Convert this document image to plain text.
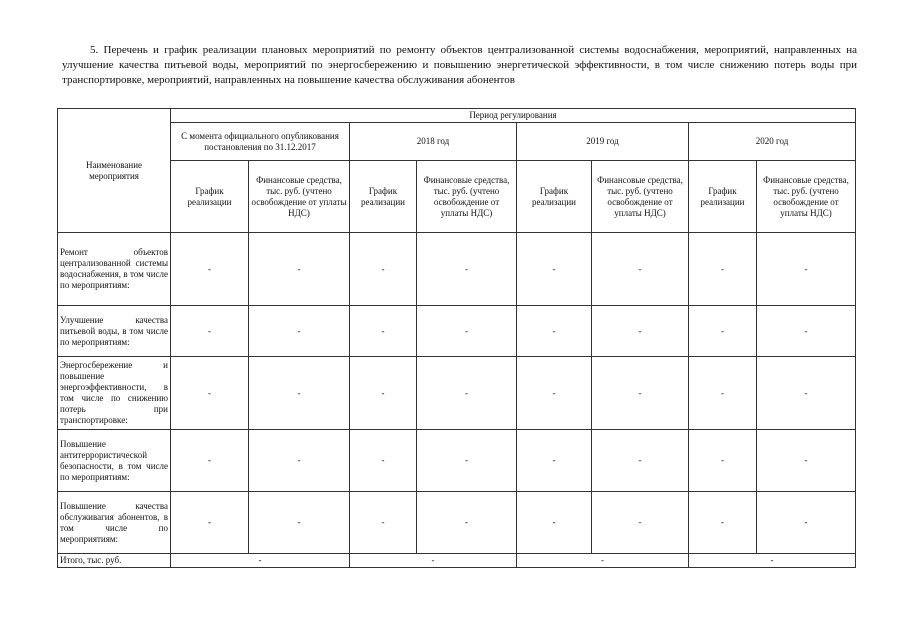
5. Перечень и график реализации плановых мероприятий по ремонту объектов централизованной системы водоснабжения, мероприятий, направленных на улучшение качества питьевой воды, мероприятий по энергосбережению и повышению энергетической эффективности, в том числе снижению потерь воды при транспортировке, мероприятий, направленных на повышение качества обслуживания абонентов

Наименование мероприятия	Период регулирования							
	С момента официального опубликования постановления по 31.12.2017		2018 год		2019 год		2020 год	
	График реализации	Финансовые средства, тыс. руб. (учтено освобождение от уплаты НДС)	График реализации	Финансовые средства, тыс. руб. (учтено освобождение от уплаты НДС)	График реализации	Финансовые средства, тыс. руб. (учтено освобождение от уплаты НДС)	График реализации	Финансовые средства, тыс. руб. (учтено освобождение от уплаты НДС)
Ремонт объектов централизованной системы водоснабжения, в том числе по мероприятиям:	-	-	-	-	-	-	-	-
Улучшение качества питьевой воды, в том числе по мероприятиям:	-	-	-	-	-	-	-	-
Энергосбережение и повышение энергоэффективности, в том числе по снижению потерь при транспортировке:	-	-	-	-	-	-	-	-
Повышение антитеррористической безопасности, в том числе по мероприятиям:	-	-	-	-	-	-	-	-
Повышение качества обслуживагия абонентов, в том числе по мероприятиям:	-	-	-	-	-	-	-	-
Итого, тыс. руб.	-		-		-		-	
